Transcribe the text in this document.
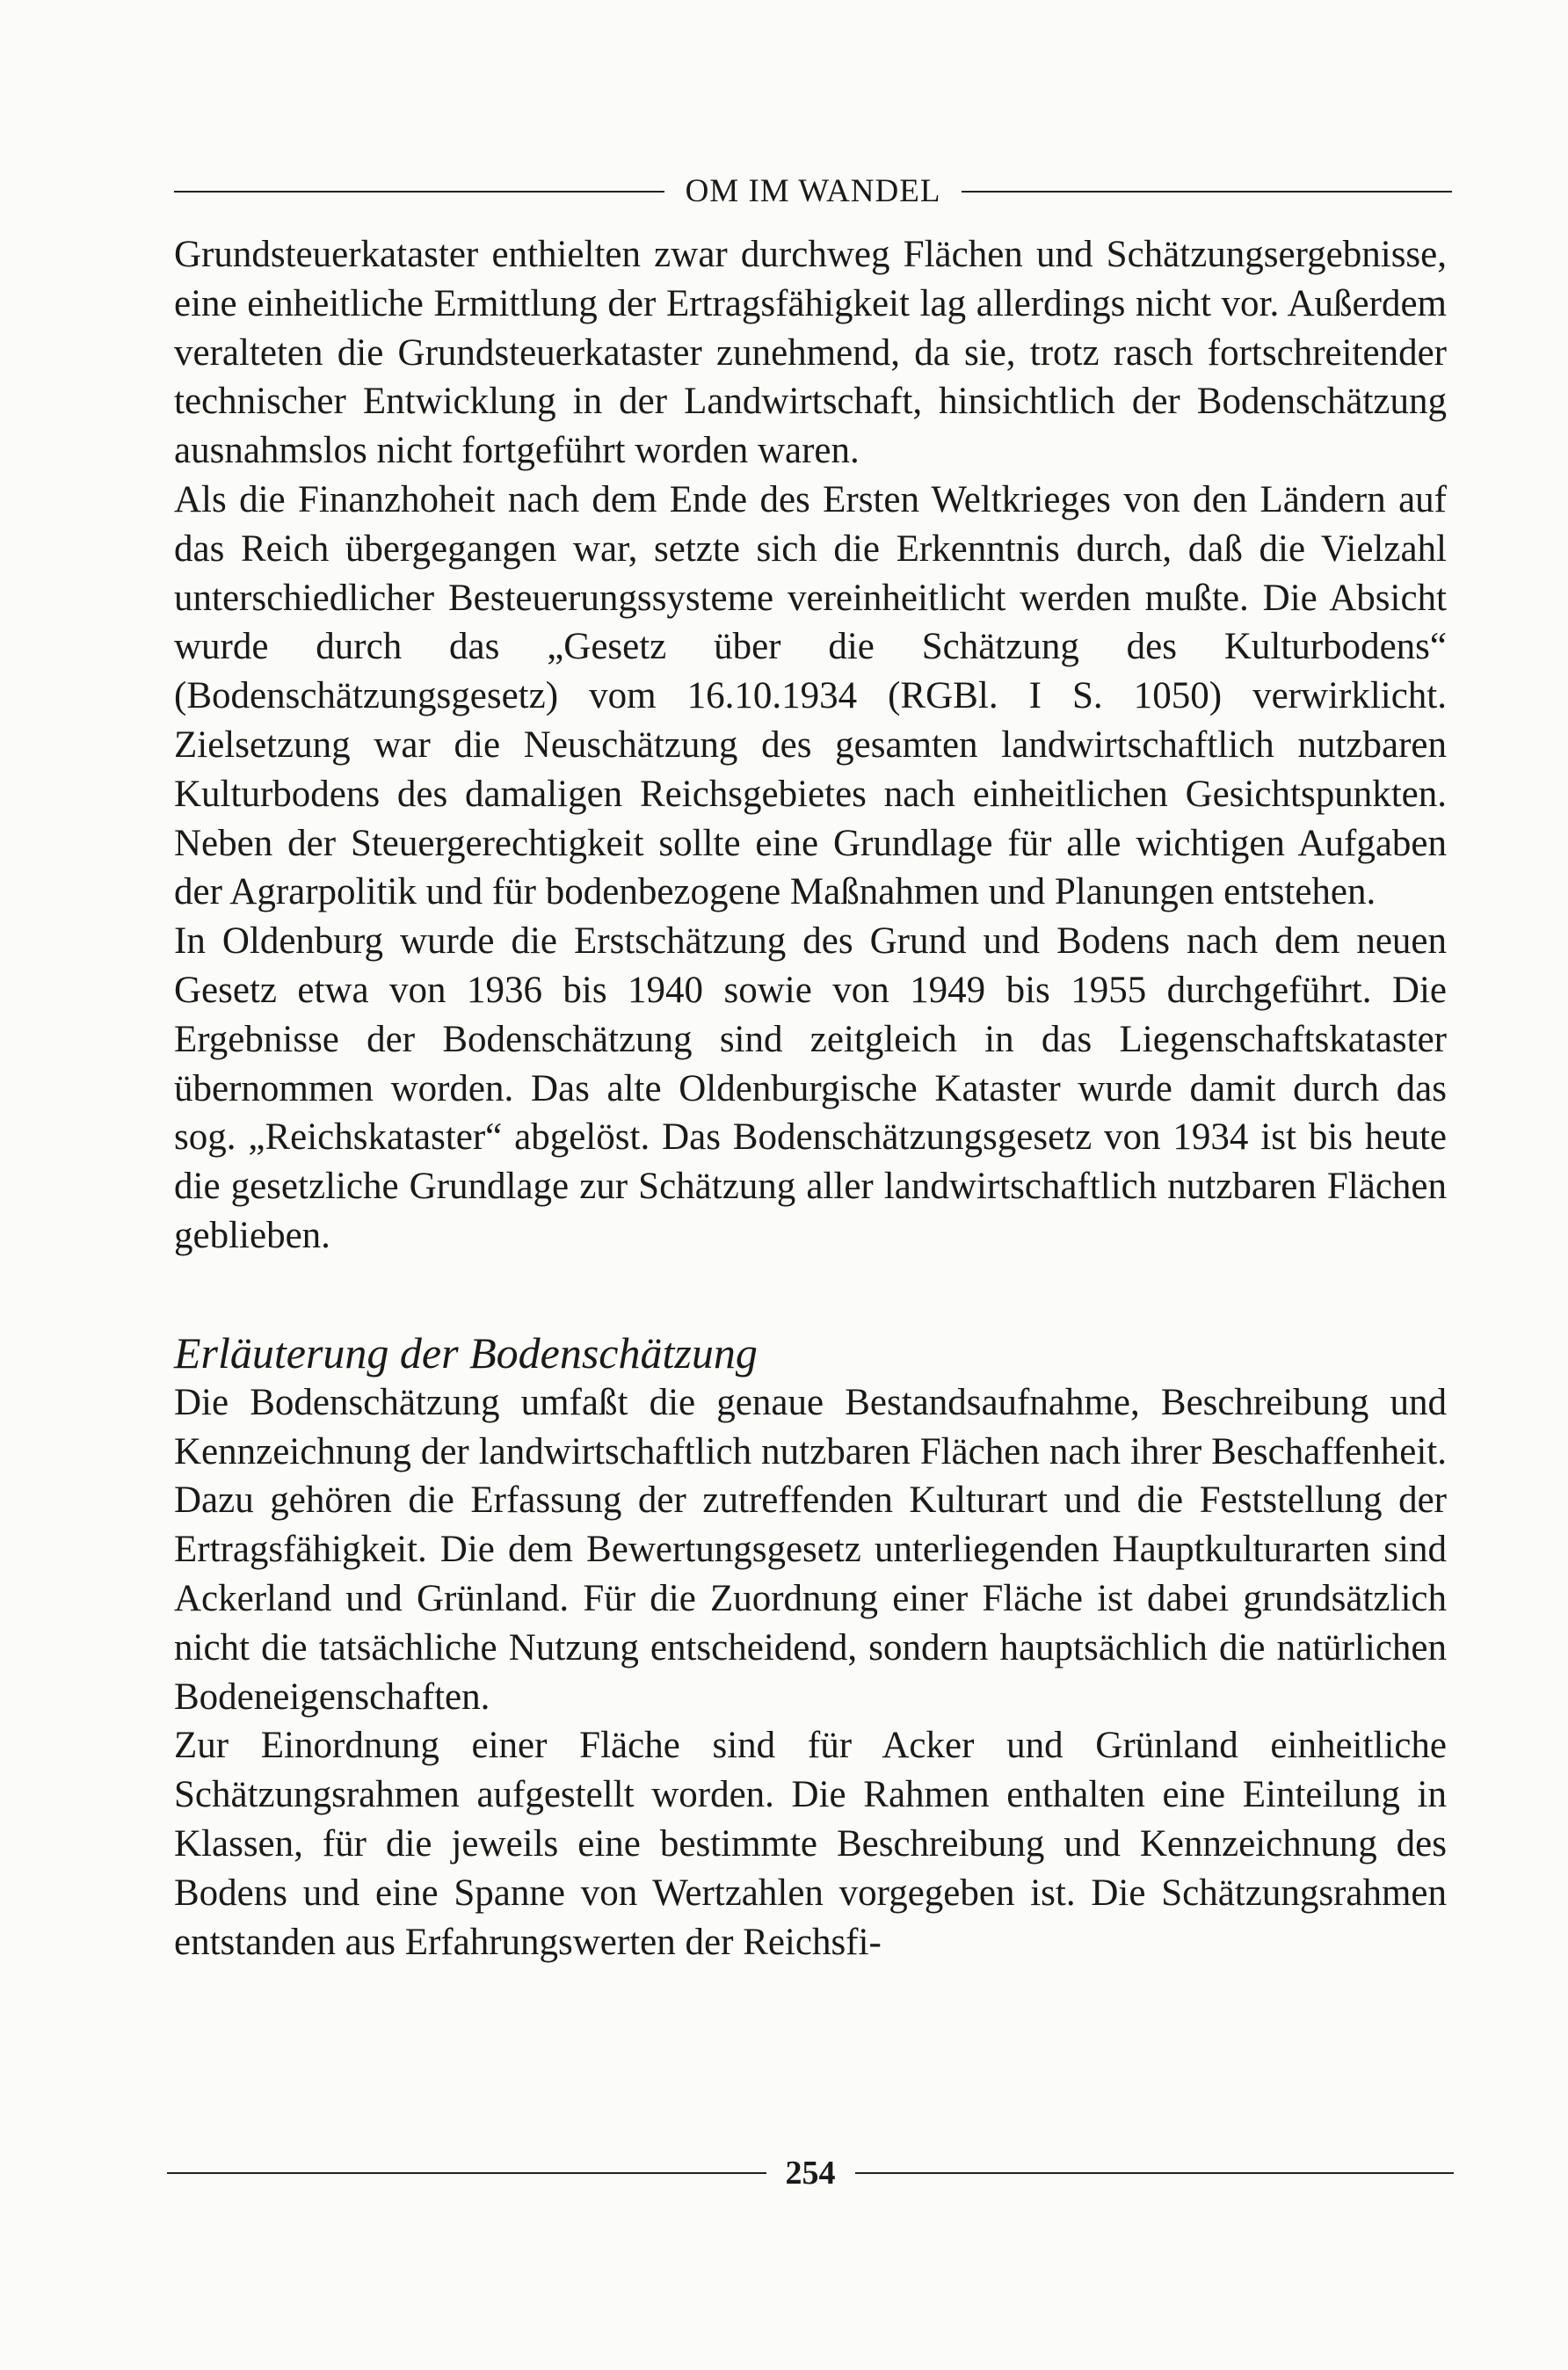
OM IM WANDEL

Grundsteuerkataster enthielten zwar durchweg Flächen und Schätzungsergebnisse, eine einheitliche Ermittlung der Ertragsfähigkeit lag allerdings nicht vor. Außerdem veralteten die Grundsteuerkataster zunehmend, da sie, trotz rasch fortschreitender technischer Entwicklung in der Landwirtschaft, hinsichtlich der Bodenschätzung ausnahmslos nicht fortgeführt worden waren.

Als die Finanzhoheit nach dem Ende des Ersten Weltkrieges von den Ländern auf das Reich übergegangen war, setzte sich die Erkenntnis durch, daß die Vielzahl unterschiedlicher Besteuerungssysteme vereinheitlicht werden mußte. Die Absicht wurde durch das „Gesetz über die Schätzung des Kulturbodens“ (Bodenschätzungsgesetz) vom 16.10.1934 (RGBl. I S. 1050) verwirklicht. Zielsetzung war die Neuschätzung des gesamten landwirtschaftlich nutzbaren Kulturbodens des damaligen Reichsgebietes nach einheitlichen Gesichtspunkten. Neben der Steuergerechtigkeit sollte eine Grundlage für alle wichtigen Aufgaben der Agrarpolitik und für bodenbezogene Maßnahmen und Planungen entstehen.

In Oldenburg wurde die Erstschätzung des Grund und Bodens nach dem neuen Gesetz etwa von 1936 bis 1940 sowie von 1949 bis 1955 durchgeführt. Die Ergebnisse der Bodenschätzung sind zeitgleich in das Liegenschaftskataster übernommen worden. Das alte Oldenburgische Kataster wurde damit durch das sog. „Reichskataster“ abgelöst. Das Bodenschätzungsgesetz von 1934 ist bis heute die gesetzliche Grundlage zur Schätzung aller landwirtschaftlich nutzbaren Flächen geblieben.

Erläuterung der Bodenschätzung

Die Bodenschätzung umfaßt die genaue Bestandsaufnahme, Beschreibung und Kennzeichnung der landwirtschaftlich nutzbaren Flächen nach ihrer Beschaffenheit. Dazu gehören die Erfassung der zutreffenden Kulturart und die Feststellung der Ertragsfähigkeit. Die dem Bewertungsgesetz unterliegenden Hauptkulturarten sind Ackerland und Grünland. Für die Zuordnung einer Fläche ist dabei grundsätzlich nicht die tatsächliche Nutzung entscheidend, sondern hauptsächlich die natürlichen Bodeneigenschaften.

Zur Einordnung einer Fläche sind für Acker und Grünland einheitliche Schätzungsrahmen aufgestellt worden. Die Rahmen enthalten eine Einteilung in Klassen, für die jeweils eine bestimmte Beschreibung und Kennzeichnung des Bodens und eine Spanne von Wertzahlen vorgegeben ist. Die Schätzungsrahmen entstanden aus Erfahrungswerten der Reichsfi-

254
